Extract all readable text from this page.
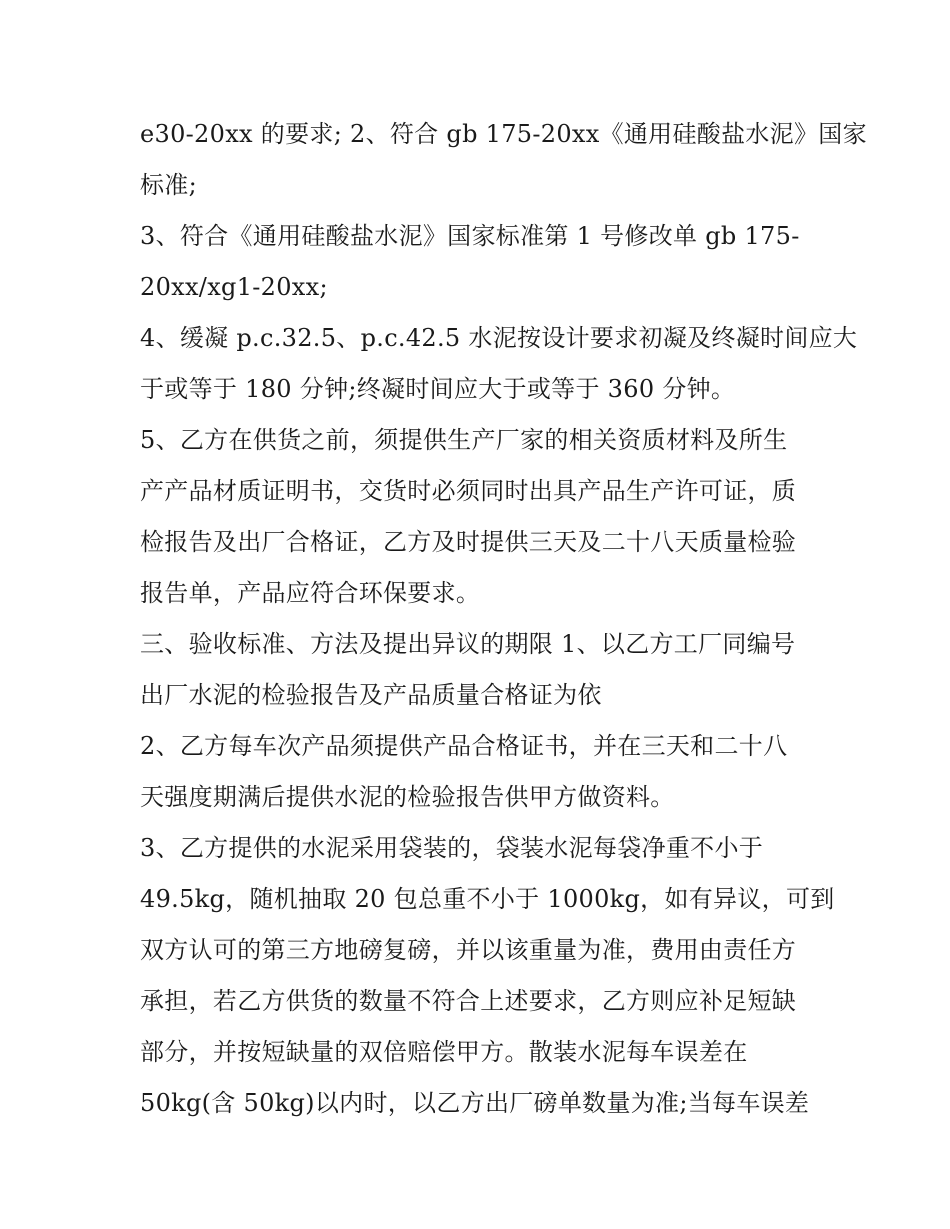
e30-20xx 的要求; 2、符合 gb 175-20xx《通用硅酸盐水泥》国家
标准;
3、符合《通用硅酸盐水泥》国家标准第 1 号修改单 gb 175-
20xx/xg1-20xx;
4、缓凝 p.c.32.5、p.c.42.5 水泥按设计要求初凝及终凝时间应大
于或等于 180 分钟;终凝时间应大于或等于 360 分钟。
5、乙方在供货之前，须提供生产厂家的相关资质材料及所生
产产品材质证明书，交货时必须同时出具产品生产许可证，质
检报告及出厂合格证，乙方及时提供三天及二十八天质量检验
报告单，产品应符合环保要求。
三、验收标准、方法及提出异议的期限 1、以乙方工厂同编号
出厂水泥的检验报告及产品质量合格证为依
2、乙方每车次产品须提供产品合格证书，并在三天和二十八
天强度期满后提供水泥的检验报告供甲方做资料。
3、乙方提供的水泥采用袋装的，袋装水泥每袋净重不小于
49.5kg，随机抽取 20 包总重不小于 1000kg，如有异议，可到
双方认可的第三方地磅复磅，并以该重量为准，费用由责任方
承担，若乙方供货的数量不符合上述要求，乙方则应补足短缺
部分，并按短缺量的双倍赔偿甲方。散装水泥每车误差在
50kg(含 50kg)以内时，以乙方出厂磅单数量为准;当每车误差
